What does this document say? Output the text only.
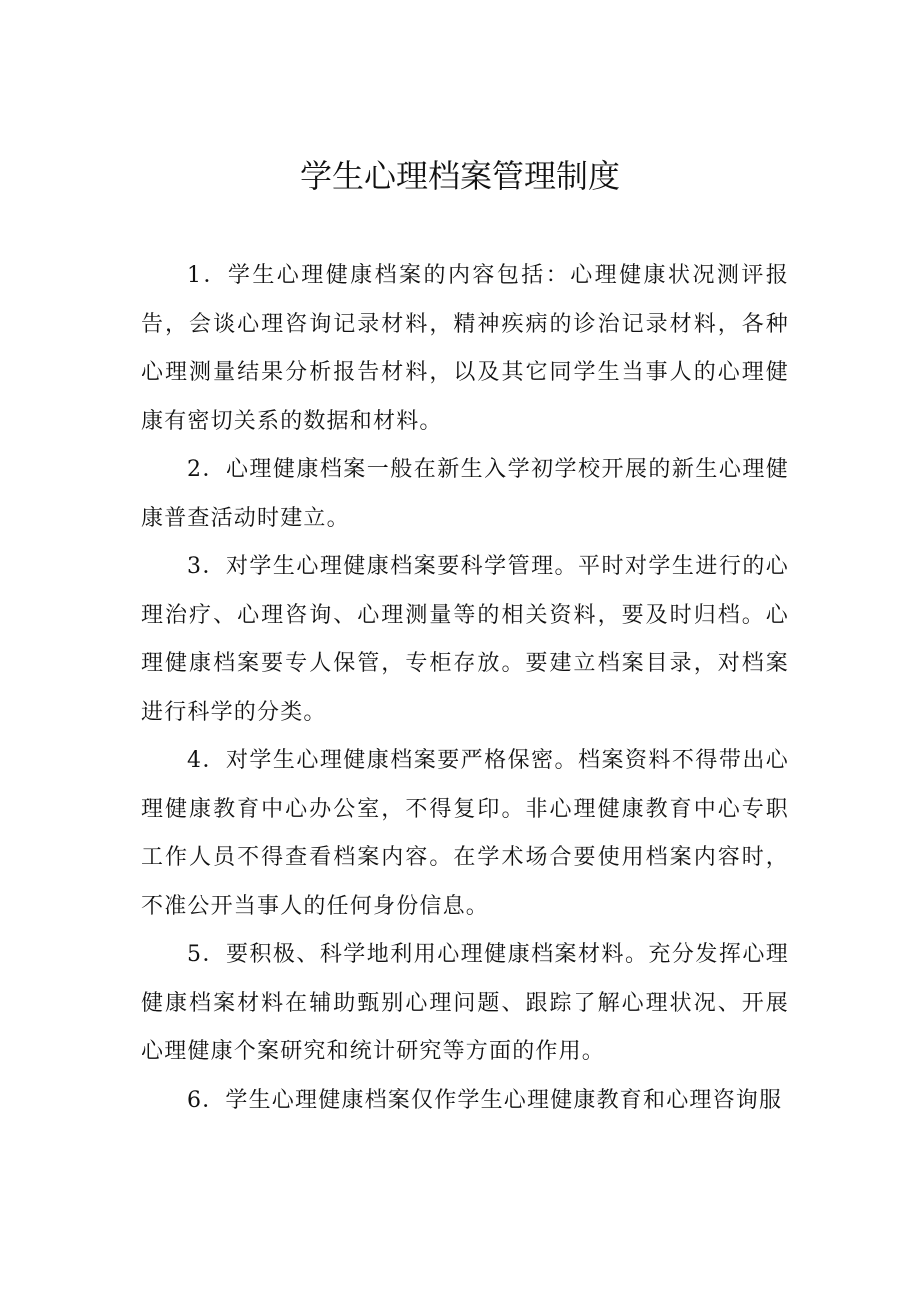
学生心理档案管理制度

1．学生心理健康档案的内容包括：心理健康状况测评报告，会谈心理咨询记录材料，精神疾病的诊治记录材料，各种心理测量结果分析报告材料，以及其它同学生当事人的心理健康有密切关系的数据和材料。

2．心理健康档案一般在新生入学初学校开展的新生心理健康普查活动时建立。

3．对学生心理健康档案要科学管理。平时对学生进行的心理治疗、心理咨询、心理测量等的相关资料，要及时归档。心理健康档案要专人保管，专柜存放。要建立档案目录，对档案进行科学的分类。

4．对学生心理健康档案要严格保密。档案资料不得带出心理健康教育中心办公室，不得复印。非心理健康教育中心专职工作人员不得查看档案内容。在学术场合要使用档案内容时，不准公开当事人的任何身份信息。

5．要积极、科学地利用心理健康档案材料。充分发挥心理健康档案材料在辅助甄别心理问题、跟踪了解心理状况、开展心理健康个案研究和统计研究等方面的作用。

6．学生心理健康档案仅作学生心理健康教育和心理咨询服
